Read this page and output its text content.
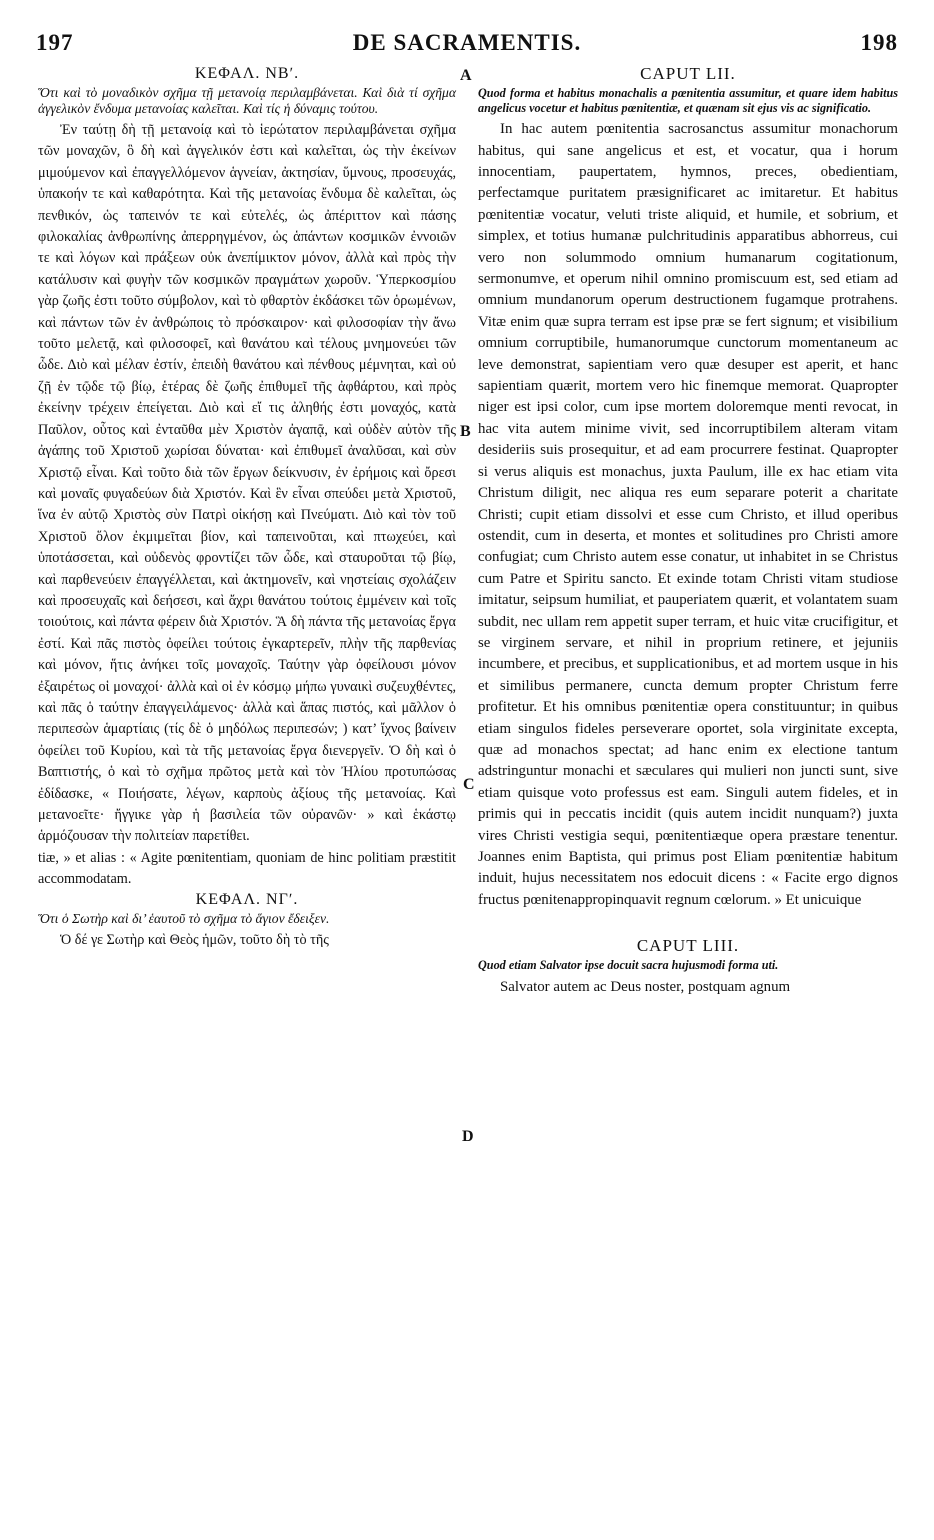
197	DE SACRAMENTIS.	198
A
B
C
D
ΚΕΦΑΛ. ΝΒʹ.
Ὅτι καὶ τὸ μοναδικὸν σχῆμα τῇ μετανοίᾳ περιλαμβάνεται. Καὶ διὰ τί σχῆμα ἀγγελικὸν ἔνδυμα μετανοίας καλεῖται. Καὶ τίς ἡ δύναμις τούτου.

Ἐν ταύτῃ δὴ τῇ μετανοίᾳ καὶ τὸ ἱερώτατον περιλαμβάνεται σχῆμα τῶν μοναχῶν, ὃ δὴ καὶ ἀγγελικόν ἐστι καὶ καλεῖται, ὡς τὴν ἐκείνων μιμούμενον καὶ ἐπαγγελλόμενον ἁγνείαν, ἀκτησίαν, ὕμνους, προσευχάς, ὑπακοήν τε καὶ καθαρότητα. Καὶ τῆς μετανοίας ἔνδυμα δὲ καλεῖται, ὡς πενθικόν, ὡς ταπεινόν τε καὶ εὐτελές, ὡς ἀπέριττον καὶ πάσης φιλοκαλίας ἀνθρωπίνης ἀπερρηγμένον, ὡς ἁπάντων κοσμικῶν ἐννοιῶν τε καὶ λόγων καὶ πράξεων οὐκ ἀνεπίμικτον μόνον, ἀλλὰ καὶ πρὸς τὴν κατάλυσιν καὶ φυγὴν τῶν κοσμικῶν πραγμάτων χωροῦν. Ὑπερκοσμίου γὰρ ζωῆς ἐστι τοῦτο σύμβολον, καὶ τὸ φθαρτὸν ἐκδάσκει τῶν ὁρωμένων, καὶ πάντων τῶν ἐν ἀνθρώποις τὸ πρόσκαιρον· καὶ φιλοσοφίαν τὴν ἄνω τοῦτο μελετᾷ, καὶ φιλοσοφεῖ, καὶ θανάτου καὶ τέλους μνημονεύει τῶν ὧδε. Διὸ καὶ μέλαν ἐστίν, ἐπειδὴ θανάτου καὶ πένθους μέμνηται, καὶ οὐ ζῇ ἐν τῷδε τῷ βίῳ, ἑτέρας δὲ ζωῆς ἐπιθυμεῖ τῆς ἀφθάρτου, καὶ πρὸς ἐκείνην τρέχειν ἐπείγεται. Διὸ καὶ εἴ τις ἀληθής ἐστι μοναχός, κατὰ Παῦλον, οὗτος καὶ ἐνταῦθα μὲν Χριστὸν ἀγαπᾷ, καὶ οὐδὲν αὐτὸν τῆς ἀγάπης τοῦ Χριστοῦ χωρίσαι δύναται· καὶ ἐπιθυμεῖ ἀναλῦσαι, καὶ σὺν Χριστῷ εἶναι. Καὶ τοῦτο διὰ τῶν ἔργων δείκνυσιν, ἐν ἐρήμοις καὶ ὄρεσι καὶ μοναῖς φυγαδεύων διὰ Χριστόν. Καὶ ἓν εἶναι σπεύδει μετὰ Χριστοῦ, ἵνα ἐν αὐτῷ Χριστὸς σὺν Πατρὶ οἰκήσῃ καὶ Πνεύματι. Διὸ καὶ τὸν τοῦ Χριστοῦ ὅλον ἐκμιμεῖται βίον, καὶ ταπεινοῦται, καὶ πτωχεύει, καὶ ὑποτάσσεται, καὶ οὐδενὸς φροντίζει τῶν ὧδε, καὶ σταυροῦται τῷ βίῳ, καὶ παρθενεύειν ἐπαγγέλλεται, καὶ ἀκτημονεῖν, καὶ νηστείαις σχολάζειν καὶ προσευχαῖς καὶ δεήσεσι, καὶ ἄχρι θανάτου τούτοις ἐμμένειν καὶ τοῖς τοιούτοις, καὶ πάντα φέρειν διὰ Χριστόν. Ἃ δὴ πάντα τῆς μετανοίας ἔργα ἐστί. Καὶ πᾶς πιστὸς ὀφείλει τούτοις ἐγκαρτερεῖν, πλὴν τῆς παρθενίας καὶ μόνον, ἥτις ἀνήκει τοῖς μοναχοῖς. Ταύτην γὰρ ὀφείλουσι μόνον ἐξαιρέτως οἱ μοναχοί· ἀλλὰ καὶ οἱ ἐν κόσμῳ μήπω γυναικὶ συζευχθέντες, καὶ πᾶς ὁ ταύτην ἐπαγγειλάμενος· ἀλλὰ καὶ ἅπας πιστός, καὶ μᾶλλον ὁ περιπεσὼν ἁμαρτίαις (τίς δὲ ὁ μηδόλως περιπεσών; ) κατ’ ἴχνος βαίνειν ὀφείλει τοῦ Κυρίου, καὶ τὰ τῆς μετανοίας ἔργα διενεργεῖν. Ὁ δὴ καὶ ὁ Βαπτιστής, ὁ καὶ τὸ σχῆμα πρῶτος μετὰ καὶ τὸν Ἠλίου προτυπώσας ἐδίδασκε, « Ποιήσατε, λέγων, καρποὺς ἀξίους τῆς μετανοίας. Καὶ μετανοεῖτε· ἤγγικε γὰρ ἡ βασιλεία τῶν οὐρανῶν· » καὶ ἑκάστῳ ἁρμόζουσαν τὴν πολιτείαν παρετίθει.

tiæ, » et alias : « Agite pœnitentiam, quoniam de hinc politiam præstitit accommodatam.

ΚΕΦΑΛ. ΝΓʹ.
Ὅτι ὁ Σωτὴρ καὶ δι’ ἑαυτοῦ τὸ σχῆμα τὸ ἅγιον ἔδειξεν.

Ὁ δέ γε Σωτὴρ καὶ Θεὸς ἡμῶν, τοῦτο δὴ τὸ τῆς

CAPUT LII.
Quod forma et habitus monachalis a pœnitentia assumitur, et quare idem habitus angelicus vocetur et habitus pœnitentiæ, et quænam sit ejus vis ac significatio.

In hac autem pœnitentia sacrosanctus assumitur monachorum habitus, qui sane angelicus et est, et vocatur, qua i horum innocentiam, paupertatem, hymnos, preces, obedientiam, perfectamque puritatem præsignificaret ac imitaretur. Et habitus pœnitentiæ vocatur, veluti triste aliquid, et humile, et sobrium, et simplex, et totius humanæ pulchritudinis apparatibus abhorreus, cui vero non solummodo omnium humanarum cogitationum, sermonumve, et operum nihil omnino promiscuum est, sed etiam ad omnium mundanorum operum destructionem fugamque protrahens. Vitæ enim quæ supra terram est ipse præ se fert signum; et visibilium omnium corruptibile, humanorumque cunctorum momentaneum ac leve demonstrat, sapientiam vero quæ desuper est aperit, et hanc sapientiam quærit, mortem vero hic finemque memorat. Quapropter niger est ipsi color, cum ipse mortem doloremque menti revocat, in hac vita autem minime vivit, sed incorruptibilem alteram vitam desideriis suis prosequitur, et ad eam procurrere festinat. Quapropter si verus aliquis est monachus, juxta Paulum, ille ex hac etiam vita Christum diligit, nec aliqua res eum separare poterit a charitate Christi; cupit etiam dissolvi et esse cum Christo, et illud operibus ostendit, cum in deserta, et montes et solitudines pro Christi amore confugiat; cum Christo autem esse conatur, ut inhabitet in se Christus cum Patre et Spiritu sancto. Et exinde totam Christi vitam studiose imitatur, seipsum humiliat, et pauperiatem quærit, et volantatem suam subdit, nec ullam rem appetit super terram, et huic vitæ crucifigitur, et se virginem servare, et nihil in proprium retinere, et jejuniis incumbere, et precibus, et supplicationibus, et ad mortem usque in his et similibus permanere, cuncta demum propter Christum ferre profitetur. Et his omnibus pœnitentiæ opera constituuntur; in quibus etiam singulos fideles perseverare oportet, sola virginitate excepta, quæ ad monachos spectat; ad hanc enim ex electione tantum adstringuntur monachi et sæculares qui mulieri non juncti sunt, sive etiam quisque voto professus est eam. Singuli autem fideles, et in primis qui in peccatis incidit (quis autem incidit nunquam?) juxta vires Christi vestigia sequi, pœnitentiæque opera præstare tenentur. Joannes enim Baptista, qui primus post Eliam pœnitentiæ habitum induit, hujus necessitatem nos edocuit dicens : « Facite ergo dignos fructus pœnitenappropinquavit regnum cœlorum. » Et unicuique

CAPUT LIII.
Quod etiam Salvator ipse docuit sacra hujusmodi forma uti.

Salvator autem ac Deus noster, postquam agnum
